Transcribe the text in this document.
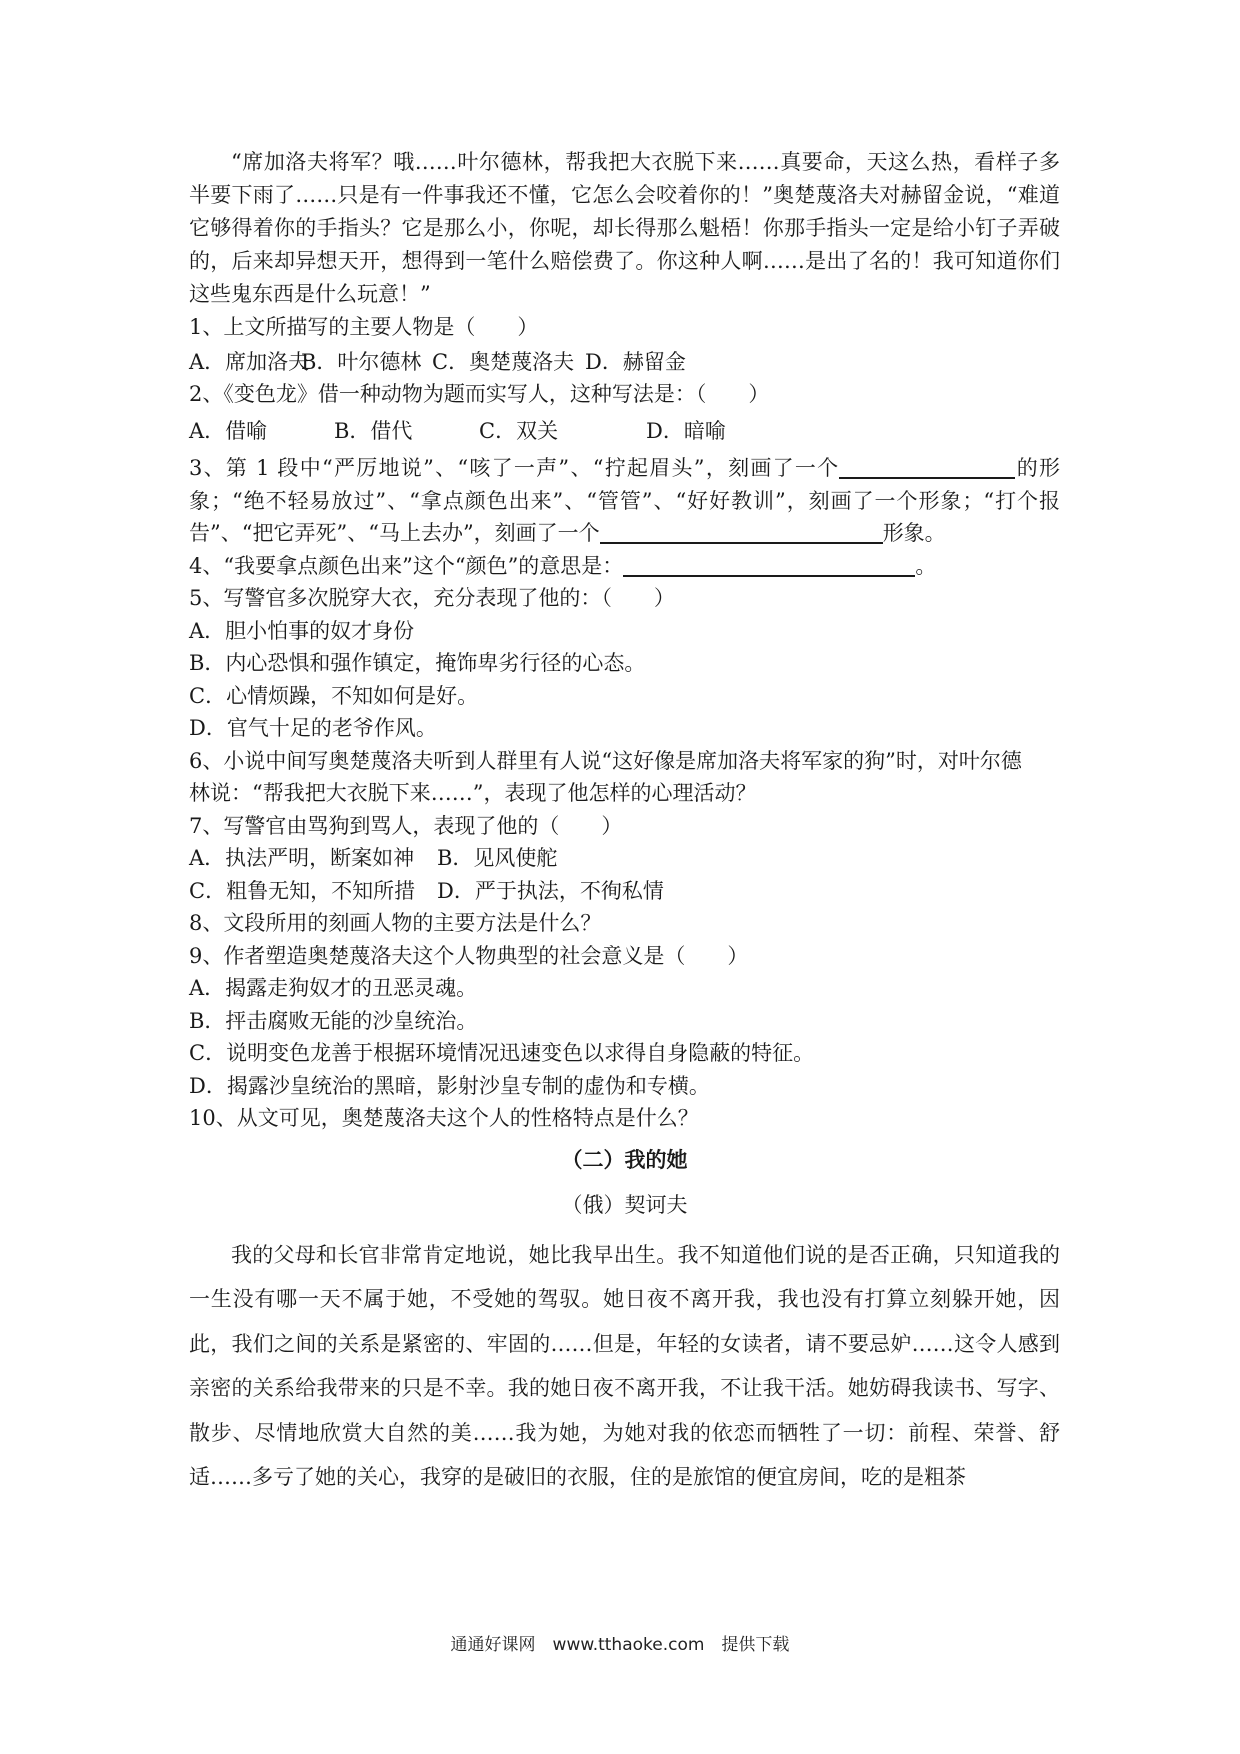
“席加洛夫将军？哦……叶尔德林，帮我把大衣脱下来……真要命，天这么热，看样子多半要下雨了……只是有一件事我还不懂，它怎么会咬着你的！”奥楚蔑洛夫对赫留金说，“难道它够得着你的手指头？它是那么小，你呢，却长得那么魁梧！你那手指头一定是给小钉子弄破的，后来却异想天开，想得到一笔什么赔偿费了。你这种人啊……是出了名的！我可知道你们这些鬼东西是什么玩意！”

1、上文所描写的主要人物是（　　）

A．席加洛夫B．叶尔德林 C．奥楚蔑洛夫 D．赫留金

2、《变色龙》借一种动物为题而实写人，这种写法是：（　　）

A．借喻	B．借代	C．双关	D．暗喻

3、第 1 段中“严厉地说”、“咳了一声”、“拧起眉头”，刻画了一个	的形象；“绝不轻易放过”、“拿点颜色出来”、“管管”、“好好教训”，刻画了一个形象；“打个报告”、“把它弄死”、“马上去办”，刻画了一个	形象。

4、“我要拿点颜色出来”这个“颜色”的意思是：	。

5、写警官多次脱穿大衣，充分表现了他的：（　　）

A．胆小怕事的奴才身份

B．内心恐惧和强作镇定，掩饰卑劣行径的心态。

C．心情烦躁，不知如何是好。

D．官气十足的老爷作风。

6、小说中间写奥楚蔑洛夫听到人群里有人说“这好像是席加洛夫将军家的狗”时，对叶尔德

林说：“帮我把大衣脱下来……”，表现了他怎样的心理活动？

7、写警官由骂狗到骂人，表现了他的（　　）

A．执法严明，断案如神 B．见风使舵

C．粗鲁无知，不知所措 D．严于执法，不徇私情

8、文段所用的刻画人物的主要方法是什么？

9、作者塑造奥楚蔑洛夫这个人物典型的社会意义是（　　）

A．揭露走狗奴才的丑恶灵魂。

B．抨击腐败无能的沙皇统治。

C．说明变色龙善于根据环境情况迅速变色以求得自身隐蔽的特征。

D．揭露沙皇统治的黑暗，影射沙皇专制的虚伪和专横。

10、从文可见，奥楚蔑洛夫这个人的性格特点是什么？

（二）我的她

（俄）契诃夫

我的父母和长官非常肯定地说，她比我早出生。我不知道他们说的是否正确，只知道我的一生没有哪一天不属于她，不受她的驾驭。她日夜不离开我，我也没有打算立刻躲开她，因此，我们之间的关系是紧密的、牢固的……但是，年轻的女读者，请不要忌妒……这令人感到亲密的关系给我带来的只是不幸。我的她日夜不离开我，不让我干活。她妨碍我读书、写字、散步、尽情地欣赏大自然的美……我为她，为她对我的依恋而牺牲了一切：前程、荣誉、舒适……多亏了她的关心，我穿的是破旧的衣服，住的是旅馆的便宜房间，吃的是粗茶

通通好课网　www.tthaoke.com　提供下载
